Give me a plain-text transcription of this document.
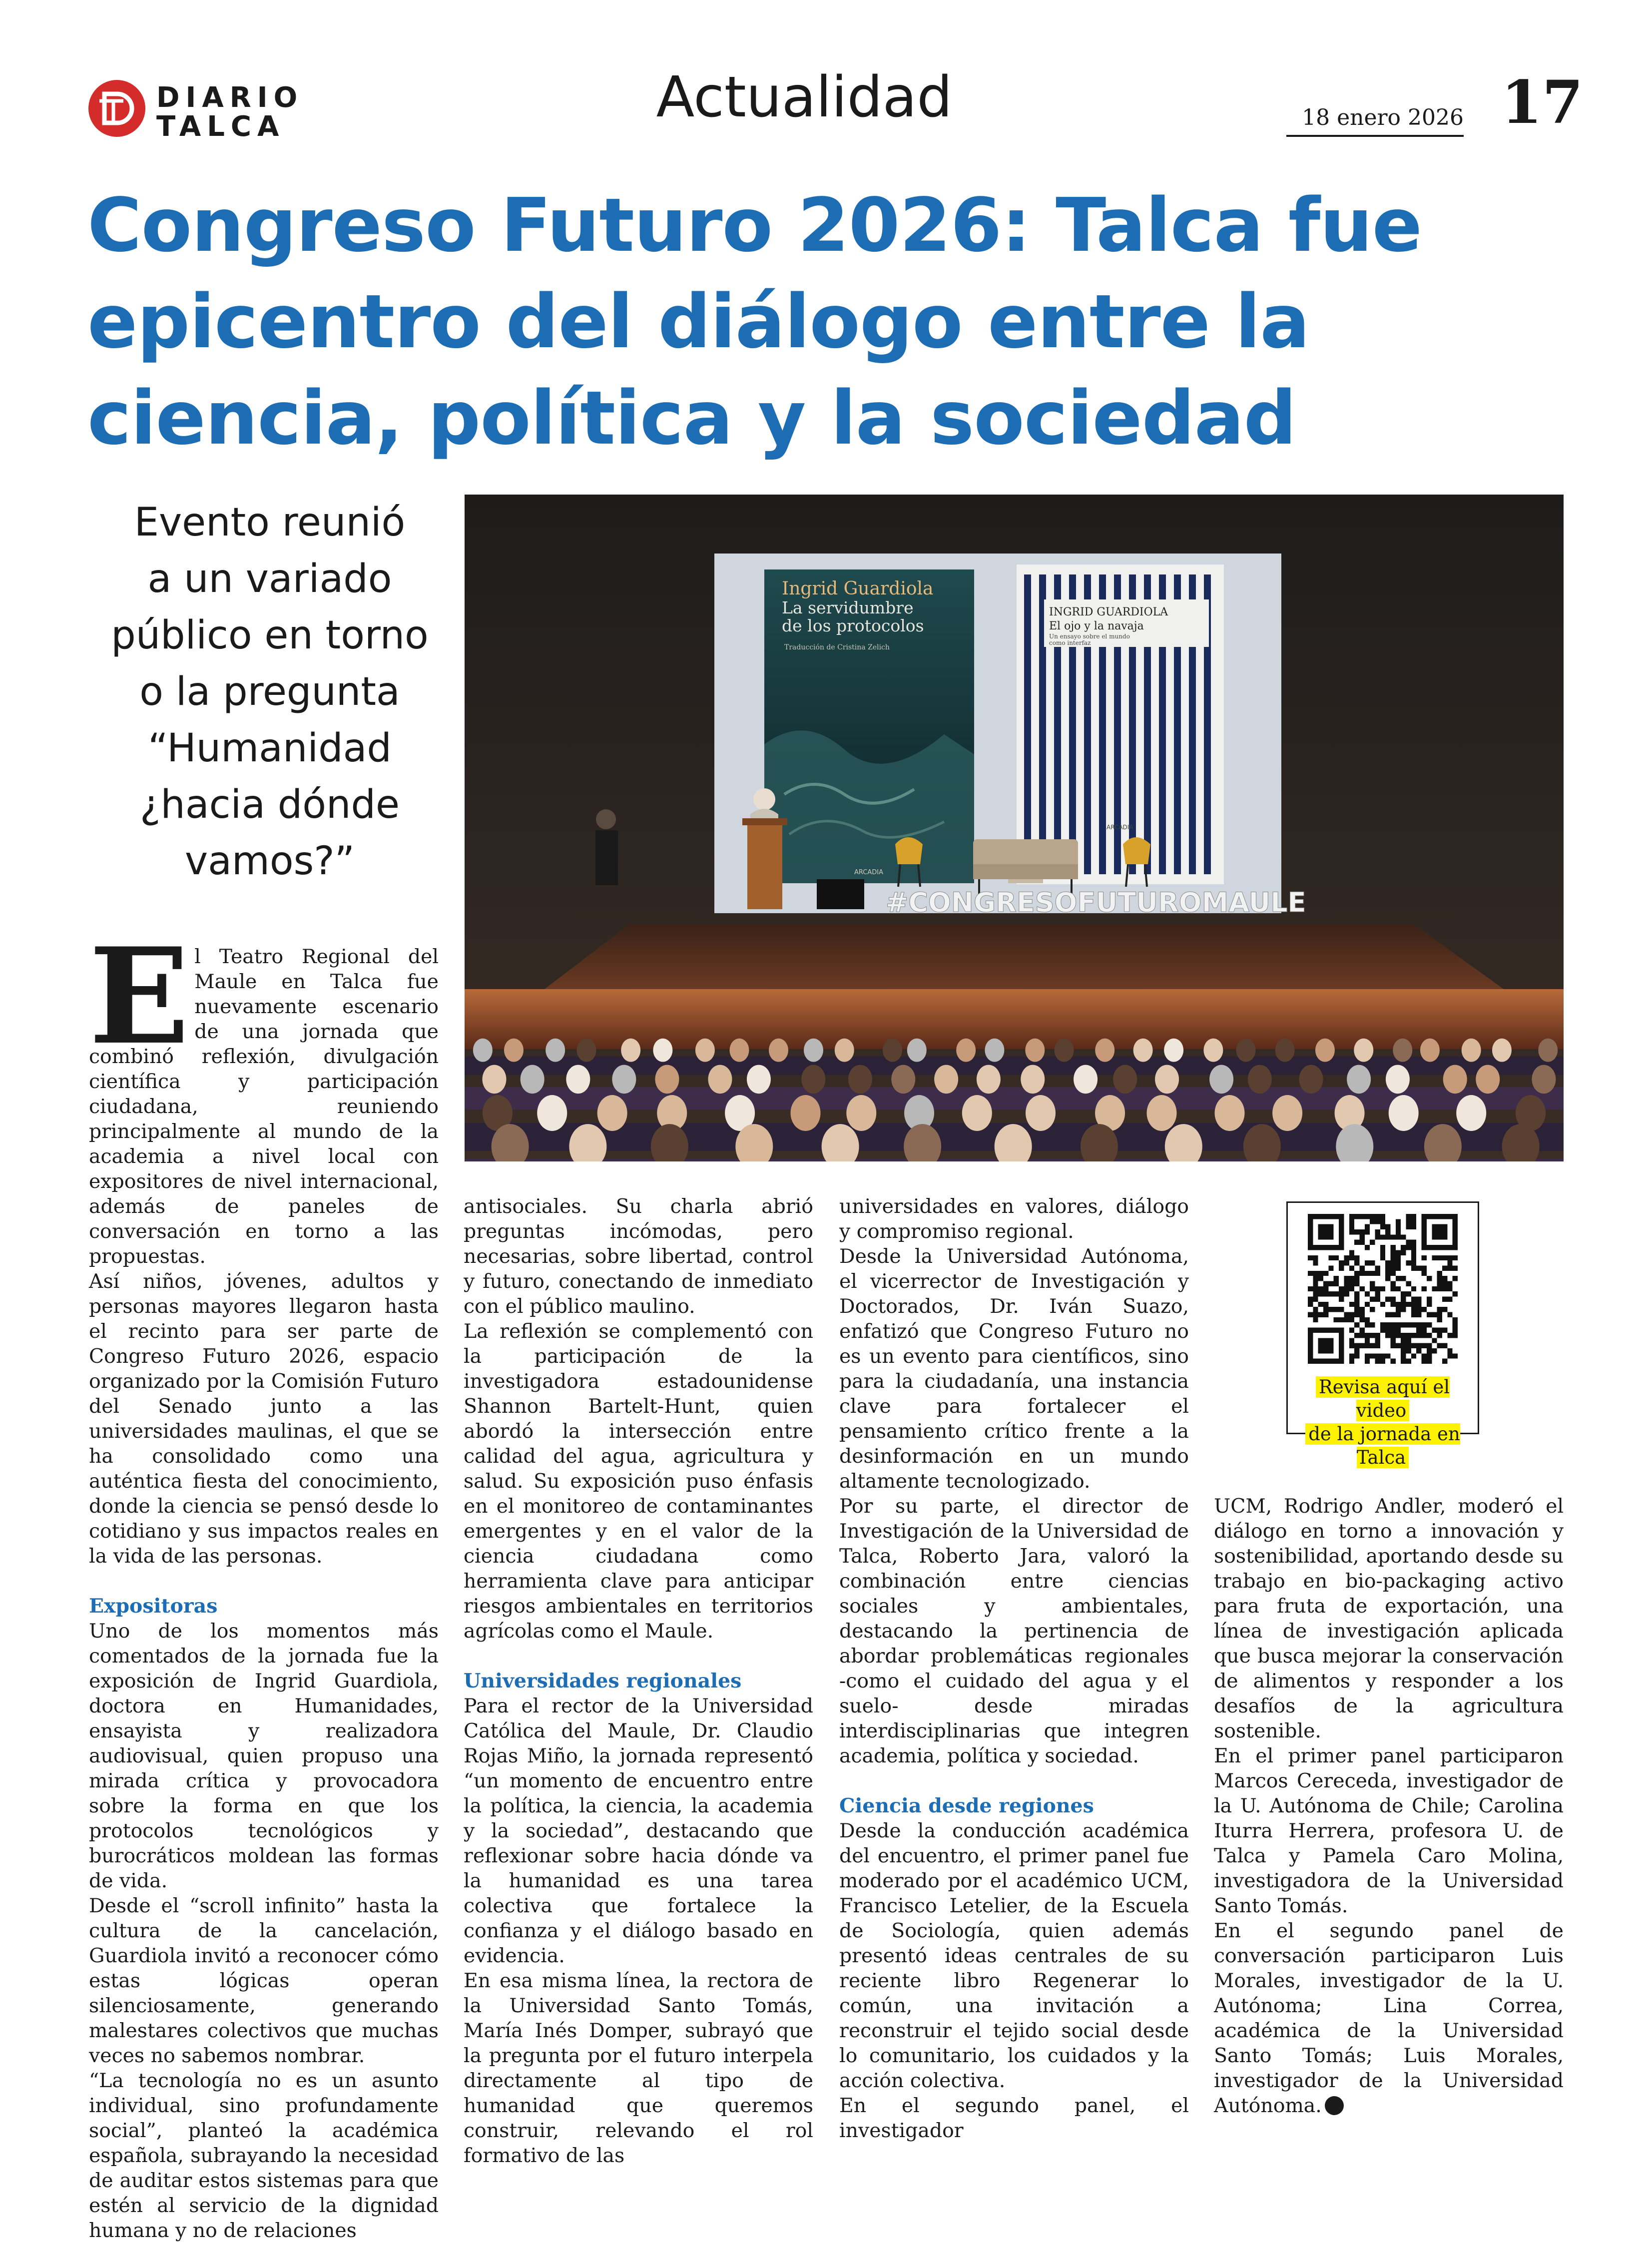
DIARIO
TALCA	Actualidad	18 enero 2026 17
Congreso Futuro 2026: Talca fue epicentro del diálogo entre la ciencia, política y la sociedad
Evento reunió
a un variado
público en torno
o la pregunta
“Humanidad
¿hacia dónde
vamos?”
Ingrid Guardiola
La servidumbre
de los protocolos
Traducción de Cristina Zelich
ARCADIA
INGRID GUARDIOLA
El ojo y la navaja
Un ensayo sobre el mundo
como interfaz
ARCADIA
#CONGRESOFUTUROMAULE

El Teatro Regional del Maule en Talca fue nuevamente escenario de una jornada que combinó reflexión, divulgación científica y participación ciudadana, reuniendo principalmente al mundo de la academia a nivel local con expositores de nivel internacional, además de paneles de conversación en torno a las propuestas.

Así niños, jóvenes, adultos y personas mayores llegaron hasta el recinto para ser parte de Congreso Futuro 2026, espacio organizado por la Comisión Futuro del Senado junto a las universidades maulinas, el que se ha consolidado como una auténtica fiesta del conocimiento, donde la ciencia se pensó desde lo cotidiano y sus impactos reales en la vida de las personas.

Expositoras

Uno de los momentos más comentados de la jornada fue la exposición de Ingrid Guardiola, doctora en Humanidades, ensayista y realizadora audiovisual, quien propuso una mirada crítica y provocadora sobre la forma en que los protocolos tecnológicos y burocráticos moldean las formas de vida.

Desde el “scroll infinito” hasta la cultura de la cancelación, Guardiola invitó a reconocer cómo estas lógicas operan silenciosamente, generando malestares colectivos que muchas veces no sabemos nombrar.

“La tecnología no es un asunto individual, sino profundamente social”, planteó la académica española, subrayando la necesidad de auditar estos sistemas para que estén al servicio de la dignidad humana y no de relaciones

antisociales. Su charla abrió preguntas incómodas, pero necesarias, sobre libertad, control y futuro, conectando de inmediato con el público maulino.

La reflexión se complementó con la participación de la investigadora estadounidense Shannon Bartelt-Hunt, quien abordó la intersección entre calidad del agua, agricultura y salud. Su exposición puso énfasis en el monitoreo de contaminantes emergentes y en el valor de la ciencia ciudadana como herramienta clave para anticipar riesgos ambientales en territorios agrícolas como el Maule.

Universidades regionales

Para el rector de la Universidad Católica del Maule, Dr. Claudio Rojas Miño, la jornada representó “un momento de encuentro entre la política, la ciencia, la academia y la sociedad”, destacando que reflexionar sobre hacia dónde va la humanidad es una tarea colectiva que fortalece la confianza y el diálogo basado en evidencia.

En esa misma línea, la rectora de la Universidad Santo Tomás, María Inés Domper, subrayó que la pregunta por el futuro interpela directamente al tipo de humanidad que queremos construir, relevando el rol formativo de las

universidades en valores, diálogo y compromiso regional.

Desde la Universidad Autónoma, el vicerrector de Investigación y Doctorados, Dr. Iván Suazo, enfatizó que Congreso Futuro no es un evento para científicos, sino para la ciudadanía, una instancia clave para fortalecer el pensamiento crítico frente a la desinformación en un mundo altamente tecnologizado.

Por su parte, el director de Investigación de la Universidad de Talca, Roberto Jara, valoró la combinación entre ciencias sociales y ambientales, destacando la pertinencia de abordar problemáticas regionales -como el cuidado del agua y el suelo- desde miradas interdisciplinarias que integren academia, política y sociedad.

Ciencia desde regiones

Desde la conducción académica del encuentro, el primer panel fue moderado por el académico UCM, Francisco Letelier, de la Escuela de Sociología, quien además presentó ideas centrales de su reciente libro Regenerar lo común, una invitación a reconstruir el tejido social desde lo comunitario, los cuidados y la acción colectiva.

En el segundo panel, el investigador

UCM, Rodrigo Andler, moderó el diálogo en torno a innovación y sostenibilidad, aportando desde su trabajo en bio-packaging activo para fruta de exportación, una línea de investigación aplicada que busca mejorar la conservación de alimentos y responder a los desafíos de la agricultura sostenible.

En el primer panel participaron Marcos Cereceda, investigador de la U. Autónoma de Chile; Carolina Iturra Herrera, profesora U. de Talca y Pamela Caro Molina, investigadora de la Universidad Santo Tomás.

En el segundo panel de conversación participaron Luis Morales, investigador de la U. Autónoma; Lina Correa, académica de la Universidad Santo Tomás; Luis Morales, investigador de la Universidad Autónoma.

Revisa aquí el video
de la jornada en Talca
